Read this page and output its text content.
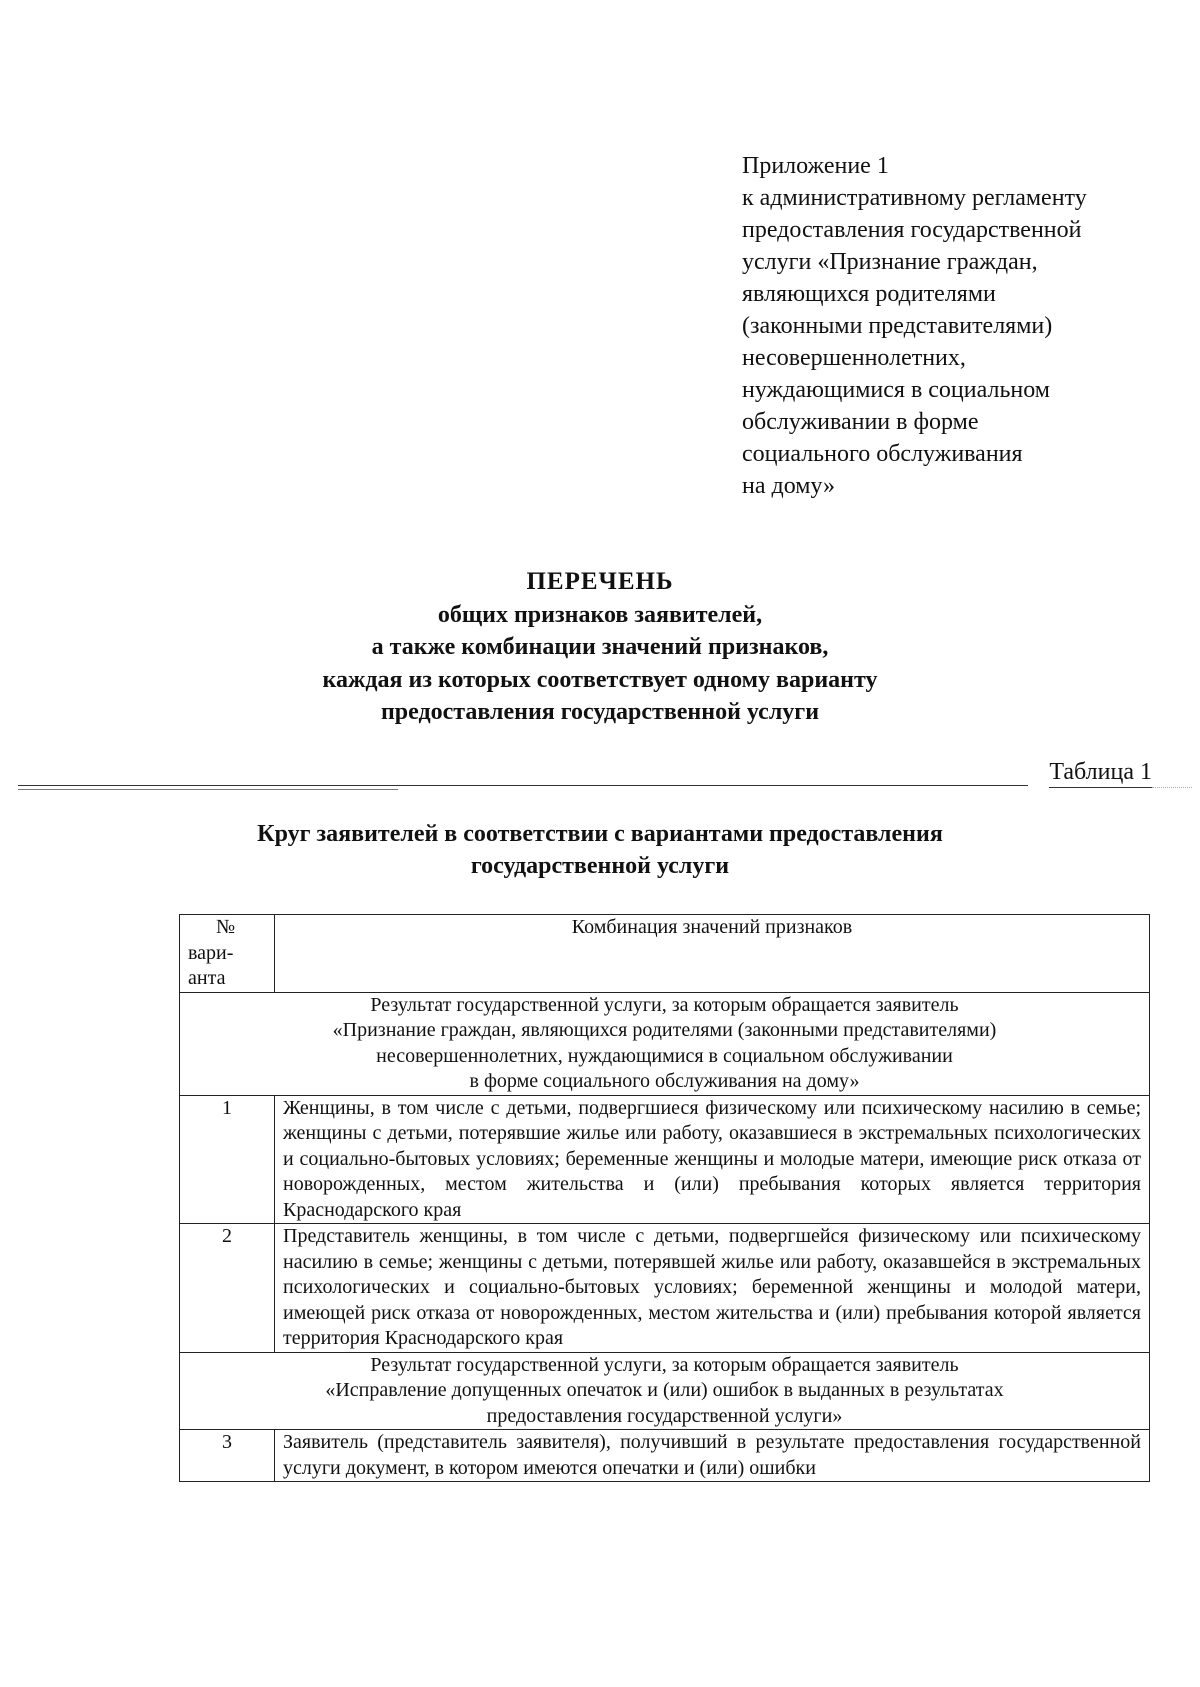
Приложение 1
к административному регламенту
предоставления государственной
услуги «Признание граждан,
являющихся родителями
(законными представителями)
несовершеннолетних,
нуждающимися в социальном
обслуживании в форме
социального обслуживания
на дому»
ПЕРЕЧЕНЬ
общих признаков заявителей,
а также комбинации значений признаков,
каждая из которых соответствует одному варианту
предоставления государственной услуги
Таблица 1
Круг заявителей в соответствии с вариантами предоставления
государственной услуги
№
вари-
анта	Комбинация значений признаков

Результат государственной услуги, за которым обращается заявитель
«Признание граждан, являющихся родителями (законными представителями)
несовершеннолетних, нуждающимися в социальном обслуживании
в форме социального обслуживания на дому»	

1	Женщины, в том числе с детьми, подвергшиеся физическому или психическому насилию в семье; женщины с детьми, потерявшие жилье или работу, оказавшиеся в экстремальных психологических и социально-бытовых условиях; беременные женщины и молодые матери, имеющие риск отказа от новорожденных, местом жительства и (или) пребывания которых является территория Краснодарского края
2	Представитель женщины, в том числе с детьми, подвергшейся физическому или психическому насилию в семье; женщины с детьми, потерявшей жилье или работу, оказавшейся в экстремальных психологических и социально-бытовых условиях; беременной женщины и молодой матери, имеющей риск отказа от новорожденных, местом жительства и (или) пребывания которой является территория Краснодарского края

Результат государственной услуги, за которым обращается заявитель
«Исправление допущенных опечаток и (или) ошибок в выданных в результатах
предоставления государственной услуги»	

3	Заявитель (представитель заявителя), получивший в результате предоставления государственной услуги документ, в котором имеются опечатки и (или) ошибки
